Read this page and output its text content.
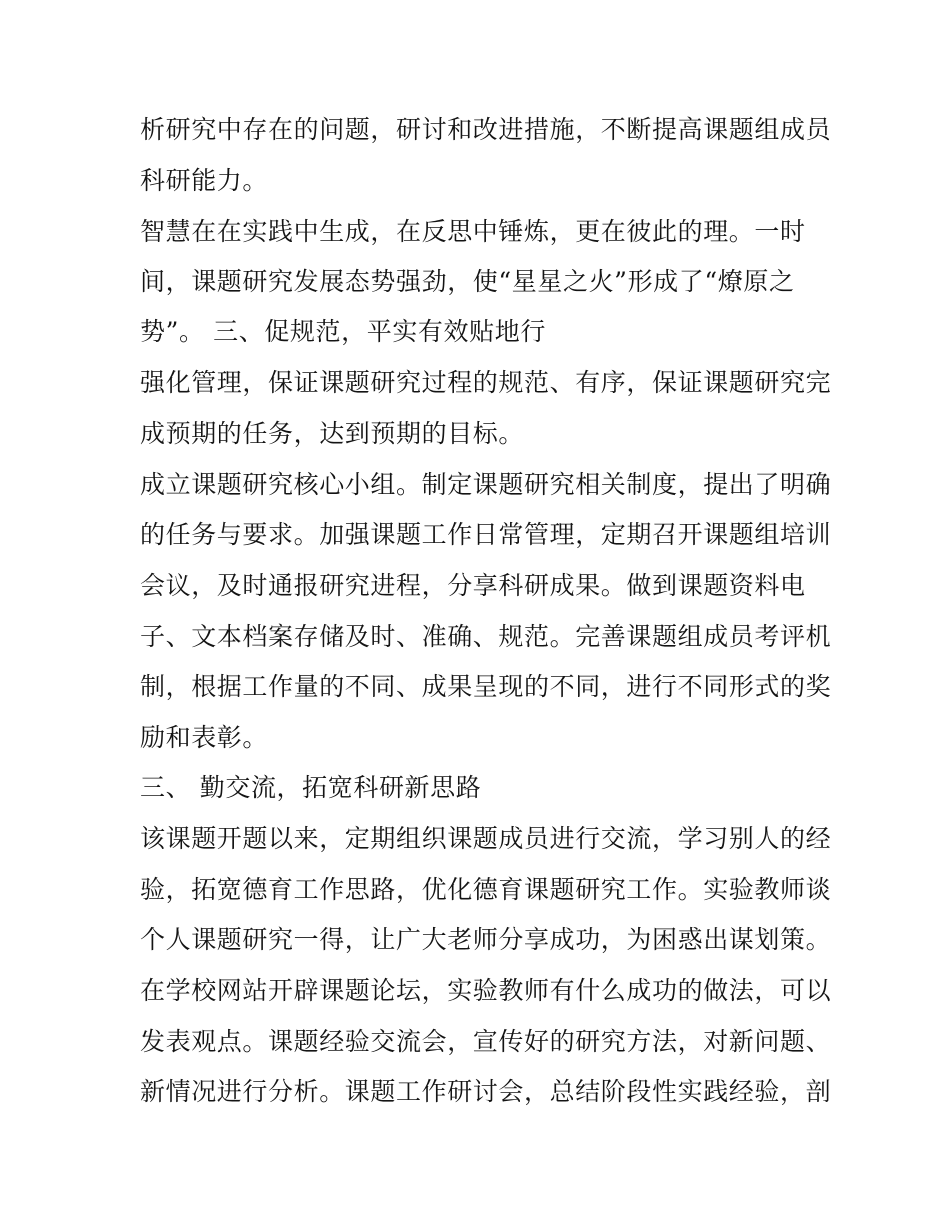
析研究中存在的问题，研讨和改进措施，不断提高课题组成员
科研能力。
智慧在在实践中生成，在反思中锤炼，更在彼此的理。一时
间，课题研究发展态势强劲，使“星星之火”形成了“燎原之
势”。 三、促规范，平实有效贴地行
强化管理，保证课题研究过程的规范、有序，保证课题研究完
成预期的任务，达到预期的目标。
成立课题研究核心小组。制定课题研究相关制度，提出了明确
的任务与要求。加强课题工作日常管理，定期召开课题组培训
会议，及时通报研究进程，分享科研成果。做到课题资料电
子、文本档案存储及时、准确、规范。完善课题组成员考评机
制，根据工作量的不同、成果呈现的不同，进行不同形式的奖
励和表彰。
三、 勤交流，拓宽科研新思路
该课题开题以来，定期组织课题成员进行交流，学习别人的经
验，拓宽德育工作思路，优化德育课题研究工作。实验教师谈
个人课题研究一得，让广大老师分享成功，为困惑出谋划策。
在学校网站开辟课题论坛，实验教师有什么成功的做法，可以
发表观点。课题经验交流会，宣传好的研究方法，对新问题、
新情况进行分析。课题工作研讨会，总结阶段性实践经验，剖
